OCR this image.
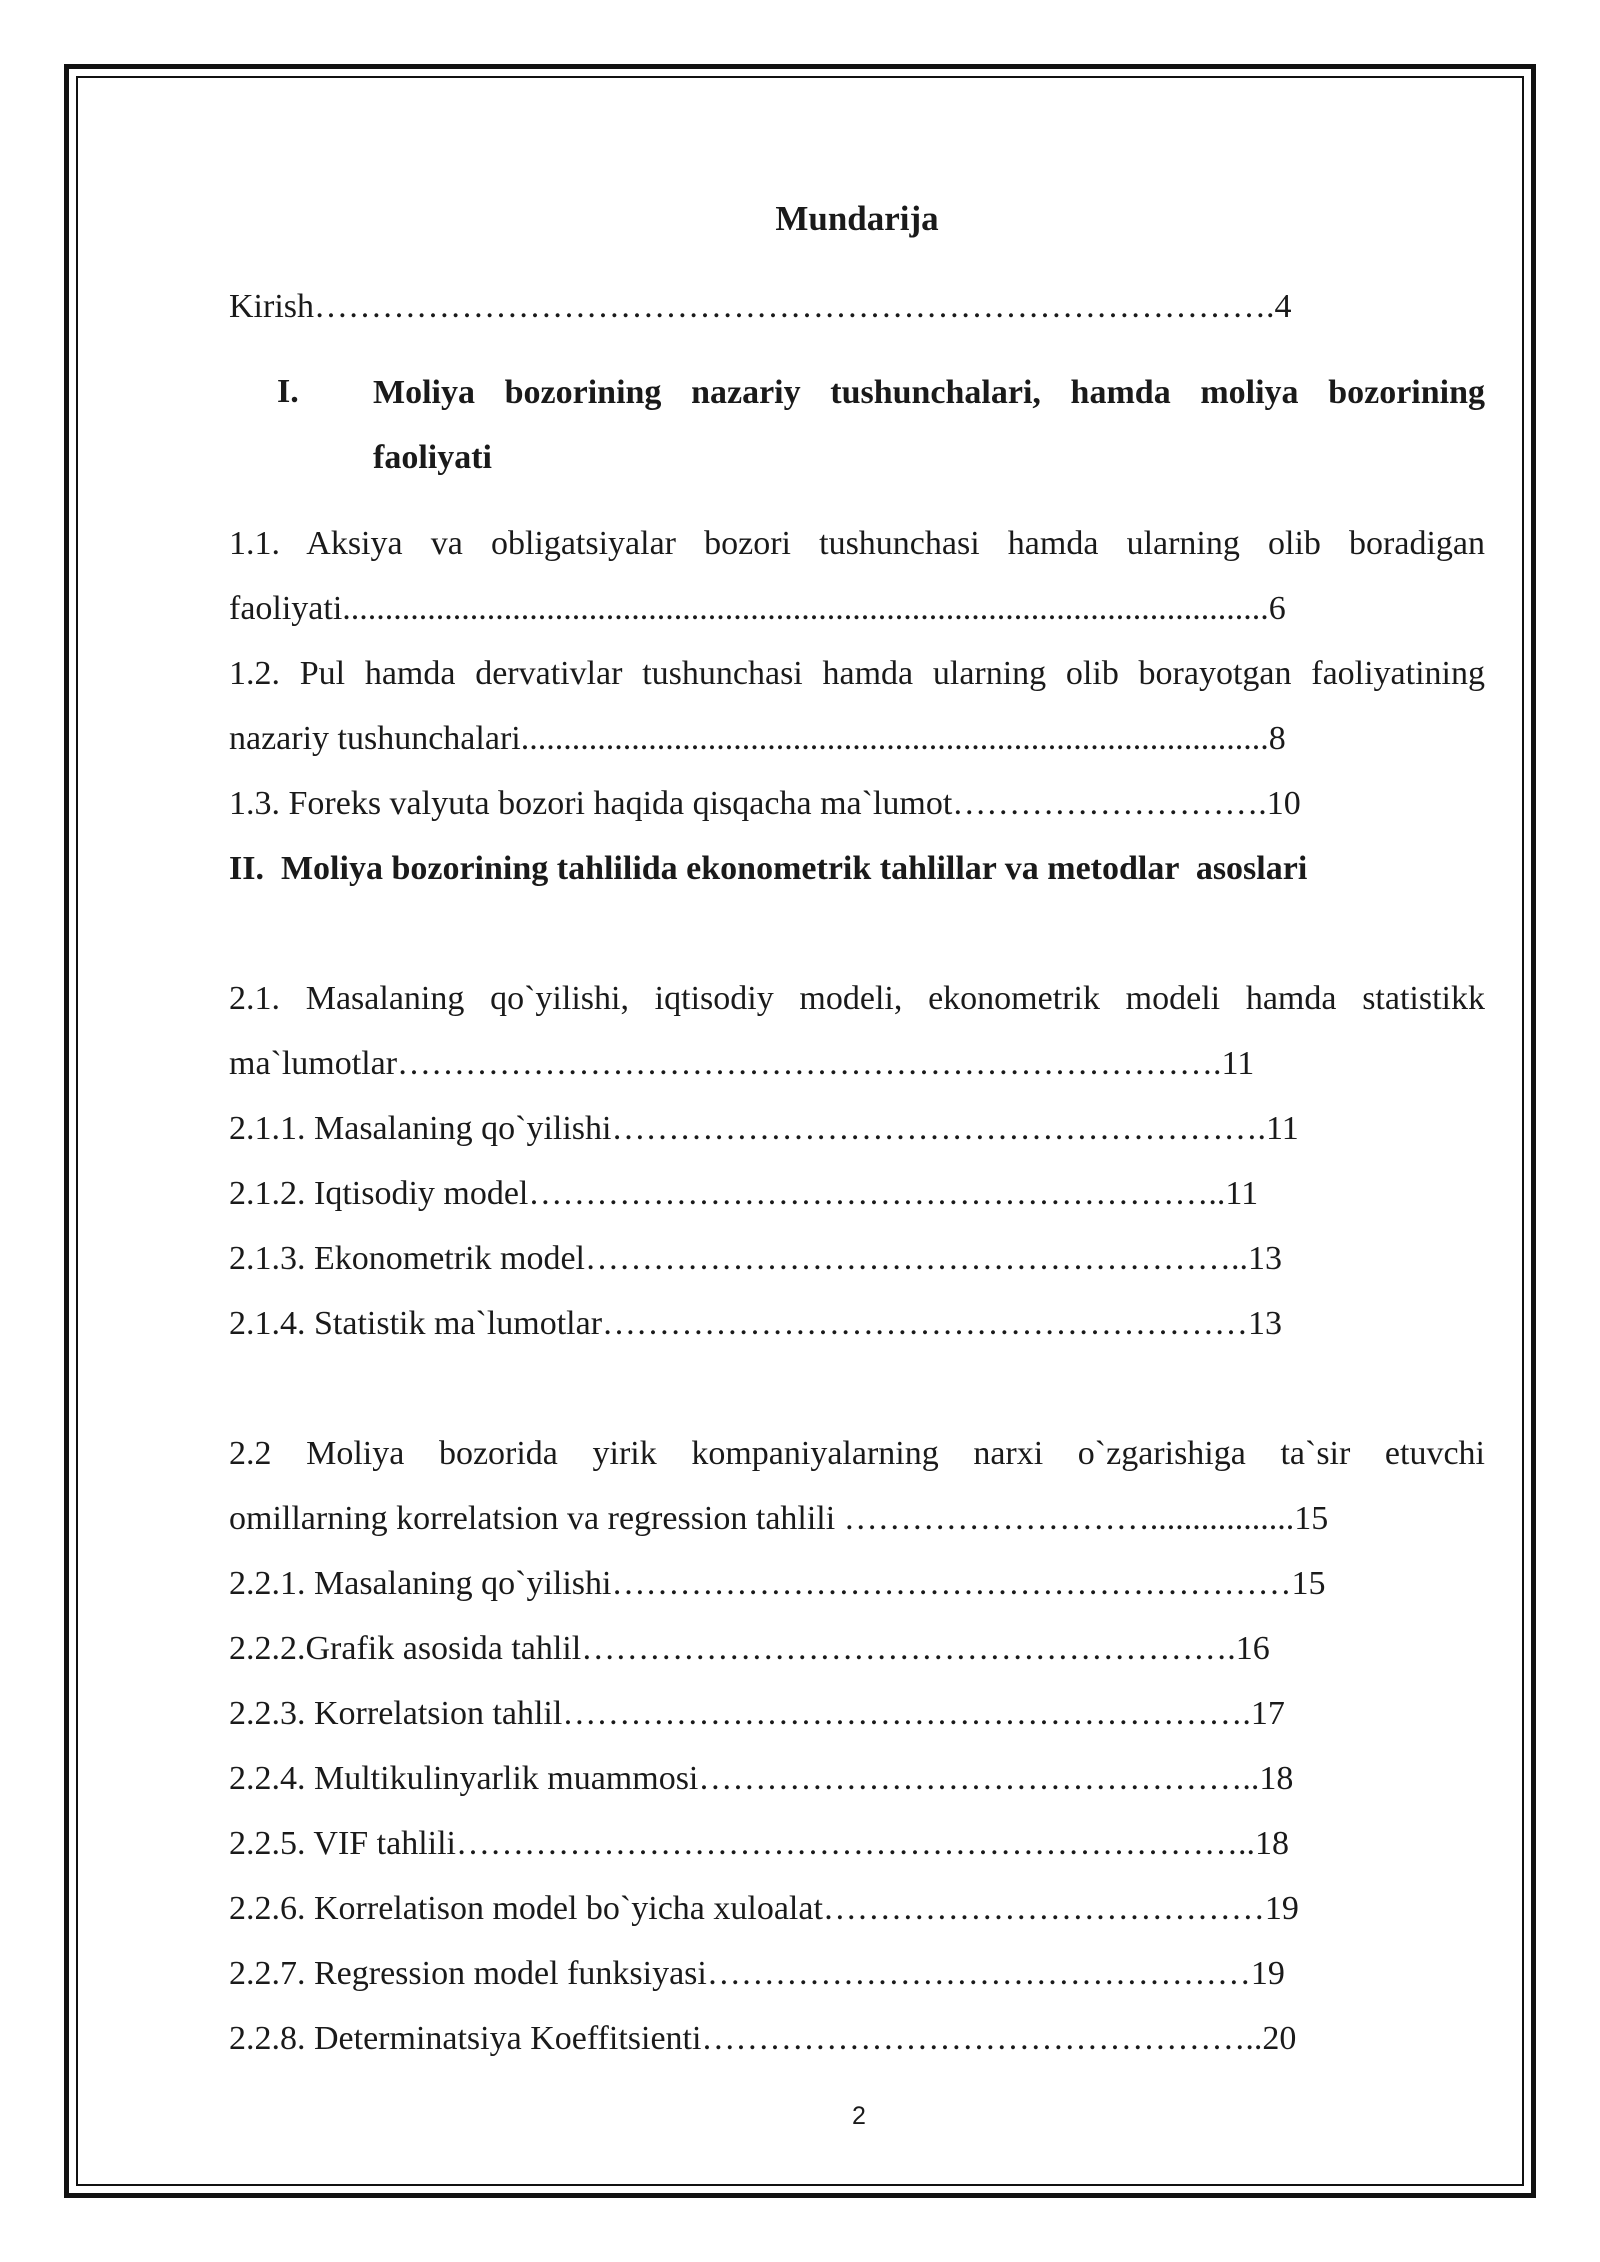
Mundarija
Kirish………………………………………………………………………….4
I. Moliya bozorining nazariy tushunchalari, hamda moliya bozorining
faoliyati
1.1. Aksiya va obligatsiyalar bozori tushunchasi hamda ularning olib boradigan
faoliyati.............................................................................................................6
1.2. Pul hamda dervativlar tushunchasi hamda ularning olib borayotgan faoliyatining
nazariy tushunchalari........................................................................................8
1.3. Foreks valyuta bozori haqida qisqacha ma`lumot……………………….10
II.  Moliya bozorining tahlilida ekonometrik tahlillar va metodlar  asoslari
2.1. Masalaning qo`yilishi, iqtisodiy modeli, ekonometrik modeli hamda statistikk
ma`lumotlar……………………………………………………………….11
2.1.1. Masalaning qo`yilishi………………………………………………….11
2.1.2. Iqtisodiy model……………………………………………………..11
2.1.3. Ekonometrik model…………………………………………………..13
2.1.4. Statistik ma`lumotlar…………………………………………………13
2.2 Moliya bozorida yirik kompaniyalarning narxi o`zgarishiga ta`sir etuvchi
omillarning korrelatsion va regression tahlili ……………………….................15
2.2.1. Masalaning qo`yilishi……………………………………………………15
2.2.2.Grafik asosida tahlil………………………………………………….16
2.2.3. Korrelatsion tahlil…………………………………………………….17
2.2.4. Multikulinyarlik muammosi…………………………………………..18
2.2.5. VIF tahlili……………………………………………………………..18
2.2.6. Korrelatison model bo`yicha xuloalat…………………………………19
2.2.7. Regression model funksiyasi…………………………………………19
2.2.8. Determinatsiya Koeffitsienti…………………………………………..20
2
